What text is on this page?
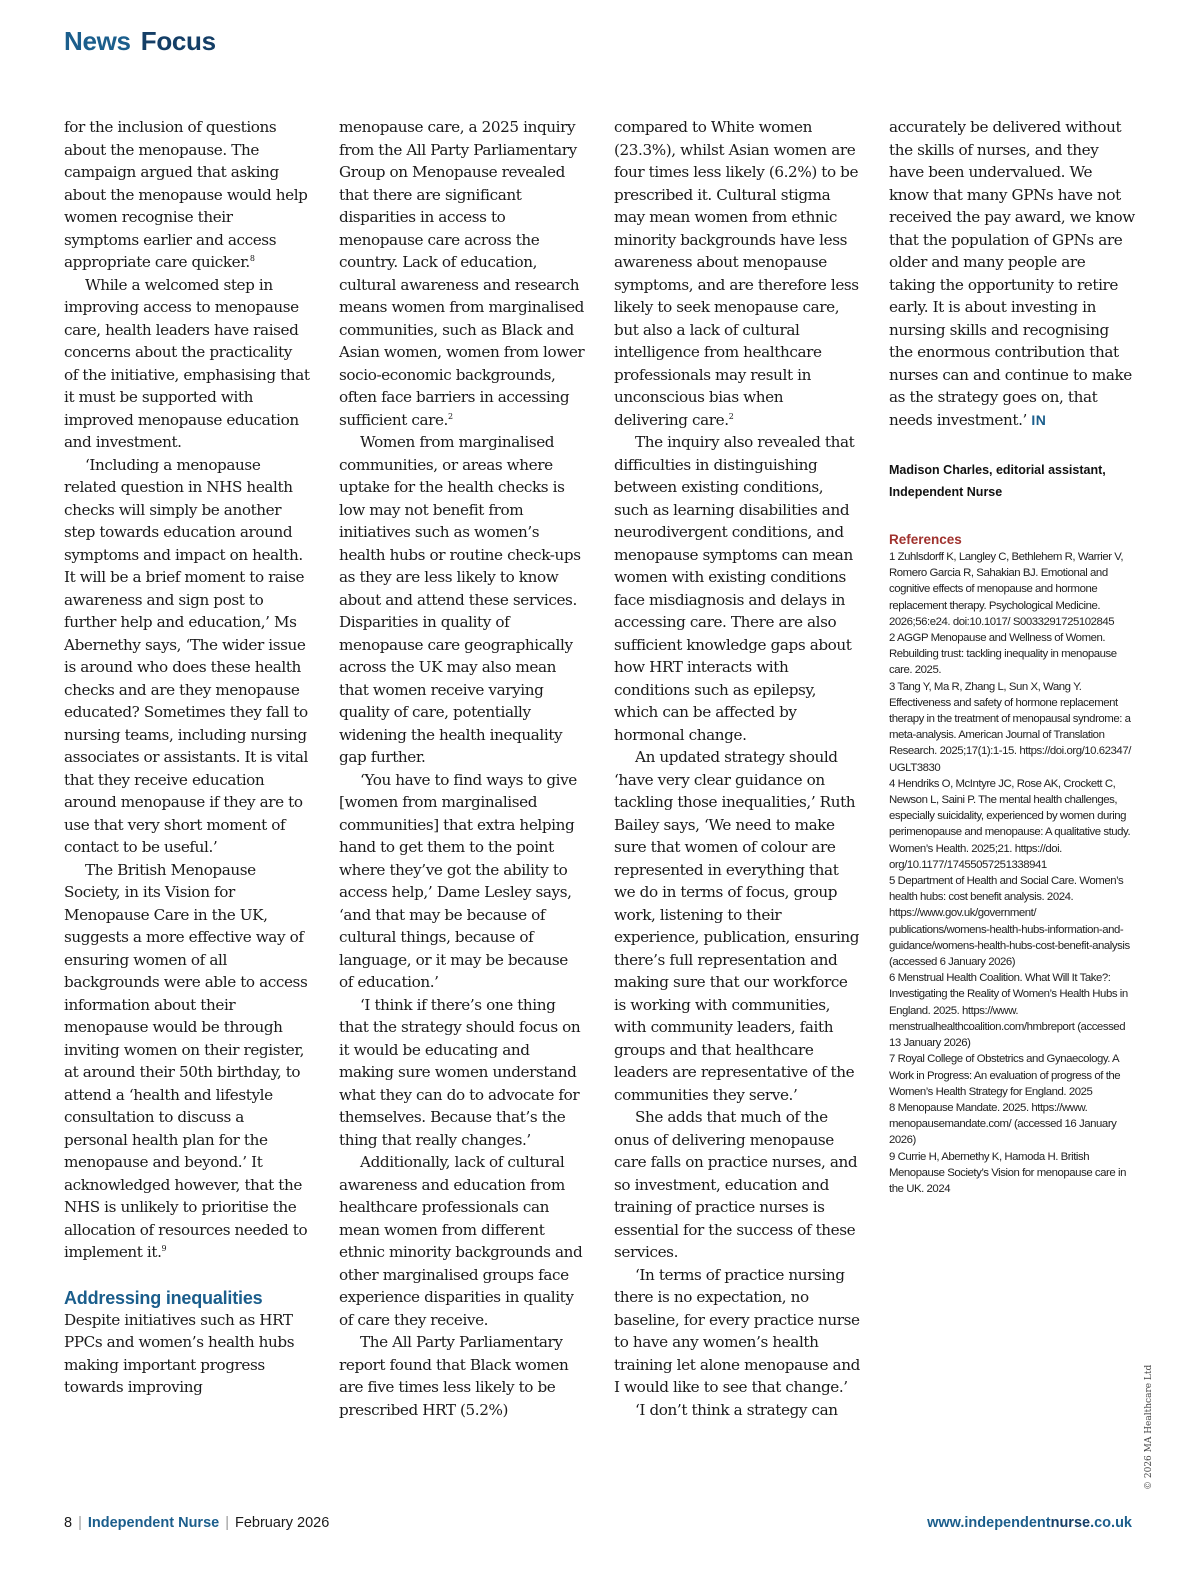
News Focus

for the inclusion of questions about the menopause. The campaign argued that asking about the menopause would help women recognise their symptoms earlier and access appropriate care quicker.$^8$

While a welcomed step in improving access to menopause care, health leaders have raised concerns about the practicality of the initiative, emphasising that it must be supported with improved menopause education and investment.

‘Including a menopause related question in NHS health checks will simply be another step towards education around symptoms and impact on health. It will be a brief moment to raise awareness and sign post to further help and education,’ Ms Abernethy says, ‘The wider issue is around who does these health checks and are they menopause educated? Sometimes they fall to nursing teams, including nursing associates or assistants. It is vital that they receive education around menopause if they are to use that very short moment of contact to be useful.’

The British Menopause Society, in its Vision for Menopause Care in the UK, suggests a more effective way of ensuring women of all backgrounds were able to access information about their menopause would be through inviting women on their register, at around their 50th birthday, to attend a ‘health and lifestyle consultation to discuss a personal health plan for the menopause and beyond.’ It acknowledged however, that the NHS is unlikely to prioritise the allocation of resources needed to implement it.$^9$

Addressing inequalities

Despite initiatives such as HRT PPCs and women’s health hubs making important progress towards improving

menopause care, a 2025 inquiry from the All Party Parliamentary Group on Menopause revealed that there are significant disparities in access to menopause care across the country. Lack of education, cultural awareness and research means women from marginalised communities, such as Black and Asian women, women from lower socio-economic backgrounds, often face barriers in accessing sufficient care.$^2$

Women from marginalised communities, or areas where uptake for the health checks is low may not benefit from initiatives such as women’s health hubs or routine check-ups as they are less likely to know about and attend these services. Disparities in quality of menopause care geographically across the UK may also mean that women receive varying quality of care, potentially widening the health inequality gap further.

‘You have to find ways to give [women from marginalised communities] that extra helping hand to get them to the point where they’ve got the ability to access help,’ Dame Lesley says, ‘and that may be because of cultural things, because of language, or it may be because of education.’

‘I think if there’s one thing that the strategy should focus on it would be educating and making sure women understand what they can do to advocate for themselves. Because that’s the thing that really changes.’

Additionally, lack of cultural awareness and education from healthcare professionals can mean women from different ethnic minority backgrounds and other marginalised groups face experience disparities in quality of care they receive.

The All Party Parliamentary report found that Black women are five times less likely to be prescribed HRT (5.2%)

compared to White women (23.3%), whilst Asian women are four times less likely (6.2%) to be prescribed it. Cultural stigma may mean women from ethnic minority backgrounds have less awareness about menopause symptoms, and are therefore less likely to seek menopause care, but also a lack of cultural intelligence from healthcare professionals may result in unconscious bias when delivering care.$^2$

The inquiry also revealed that difficulties in distinguishing between existing conditions, such as learning disabilities and neurodivergent conditions, and menopause symptoms can mean women with existing conditions face misdiagnosis and delays in accessing care. There are also sufficient knowledge gaps about how HRT interacts with conditions such as epilepsy, which can be affected by hormonal change.

An updated strategy should ‘have very clear guidance on tackling those inequalities,’ Ruth Bailey says, ‘We need to make sure that women of colour are represented in everything that we do in terms of focus, group work, listening to their experience, publication, ensuring there’s full representation and making sure that our workforce is working with communities, with community leaders, faith groups and that healthcare leaders are representative of the communities they serve.’

She adds that much of the onus of delivering menopause care falls on practice nurses, and so investment, education and training of practice nurses is essential for the success of these services.

‘In terms of practice nursing there is no expectation, no baseline, for every practice nurse to have any women’s health training let alone menopause and I would like to see that change.’

‘I don’t think a strategy can

accurately be delivered without the skills of nurses, and they have been undervalued. We know that many GPNs have not received the pay award, we know that the population of GPNs are older and many people are taking the opportunity to retire early. It is about investing in nursing skills and recognising the enormous contribution that nurses can and continue to make as the strategy goes on, that needs investment.’ IN

Madison Charles, editorial assistant, Independent Nurse
References
1 Zuhlsdorff K, Langley C, Bethlehem R, Warrier V, Romero Garcia R, Sahakian BJ. Emotional and cognitive effects of menopause and hormone replacement therapy. Psychological Medicine. 2026;56:e24. doi:10.1017/ S0033291725102845
2 AGGP Menopause and Wellness of Women. Rebuilding trust: tackling inequality in menopause care. 2025.
3 Tang Y, Ma R, Zhang L, Sun X, Wang Y. Effectiveness and safety of hormone replacement therapy in the treatment of menopausal syndrome: a meta-analysis. American Journal of Translation Research. 2025;17(1):1-15. https://doi.org/10.62347/ UGLT3830
4 Hendriks O, McIntyre JC, Rose AK, Crockett C, Newson L, Saini P. The mental health challenges, especially suicidality, experienced by women during perimenopause and menopause: A qualitative study. Women’s Health. 2025;21. https://doi. org/10.1177/17455057251338941
5 Department of Health and Social Care. Women’s health hubs: cost benefit analysis. 2024. https://www.gov.uk/government/ publications/womens-health-hubs-information-and-guidance/womens-health-hubs-cost-benefit-analysis (accessed 6 January 2026)
6 Menstrual Health Coalition. What Will It Take?: Investigating the Reality of Women’s Health Hubs in England. 2025. https://www. menstrualhealthcoalition.com/hmbreport (accessed 13 January 2026)
7 Royal College of Obstetrics and Gynaecology. A Work in Progress: An evaluation of progress of the Women’s Health Strategy for England. 2025
8 Menopause Mandate. 2025. https://www. menopausemandate.com/ (accessed 16 January 2026)
9 Currie H, Abernethy K, Hamoda H. British Menopause Society’s Vision for menopause care in the UK. 2024
© 2026 MA Healthcare Ltd
8 | Independent Nurse | February 2026	www.independentnurse.co.uk
